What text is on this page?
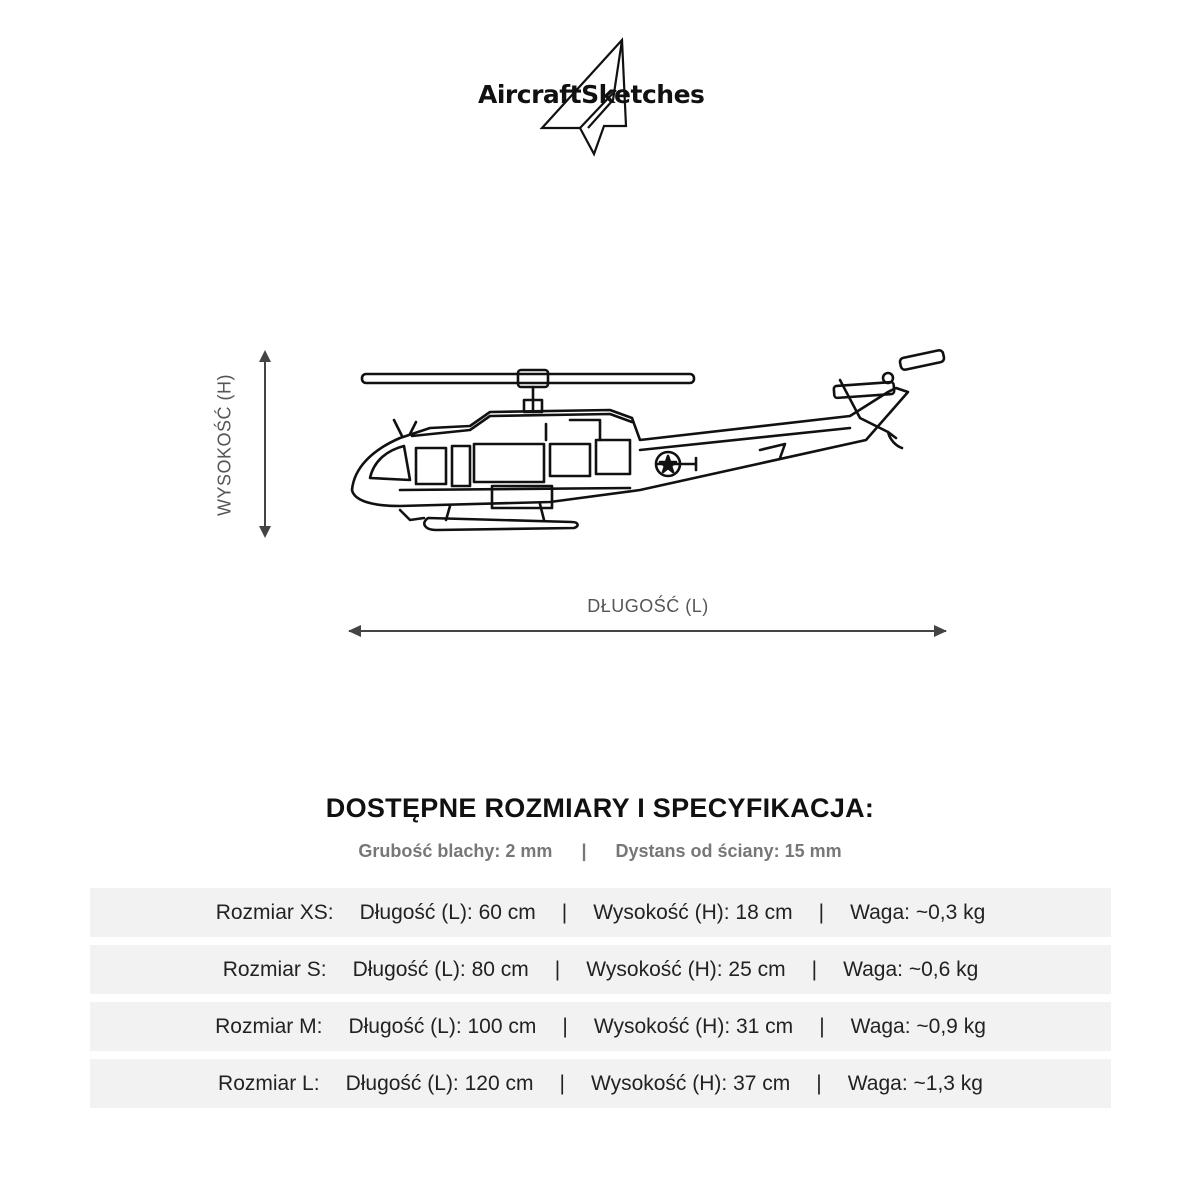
AircraftSketches
WYSOKOŚĆ (H)
DŁUGOŚĆ (L)
DOSTĘPNE ROZMIARY I SPECYFIKACJA:
Grubość blachy: 2 mm | Dystans od ściany: 15 mm
Rozmiar XS: Długość (L): 60 cm | Wysokość (H): 18 cm | Waga: ~0,3 kg
Rozmiar S: Długość (L): 80 cm | Wysokość (H): 25 cm | Waga: ~0,6 kg
Rozmiar M: Długość (L): 100 cm | Wysokość (H): 31 cm | Waga: ~0,9 kg
Rozmiar L: Długość (L): 120 cm | Wysokość (H): 37 cm | Waga: ~1,3 kg
